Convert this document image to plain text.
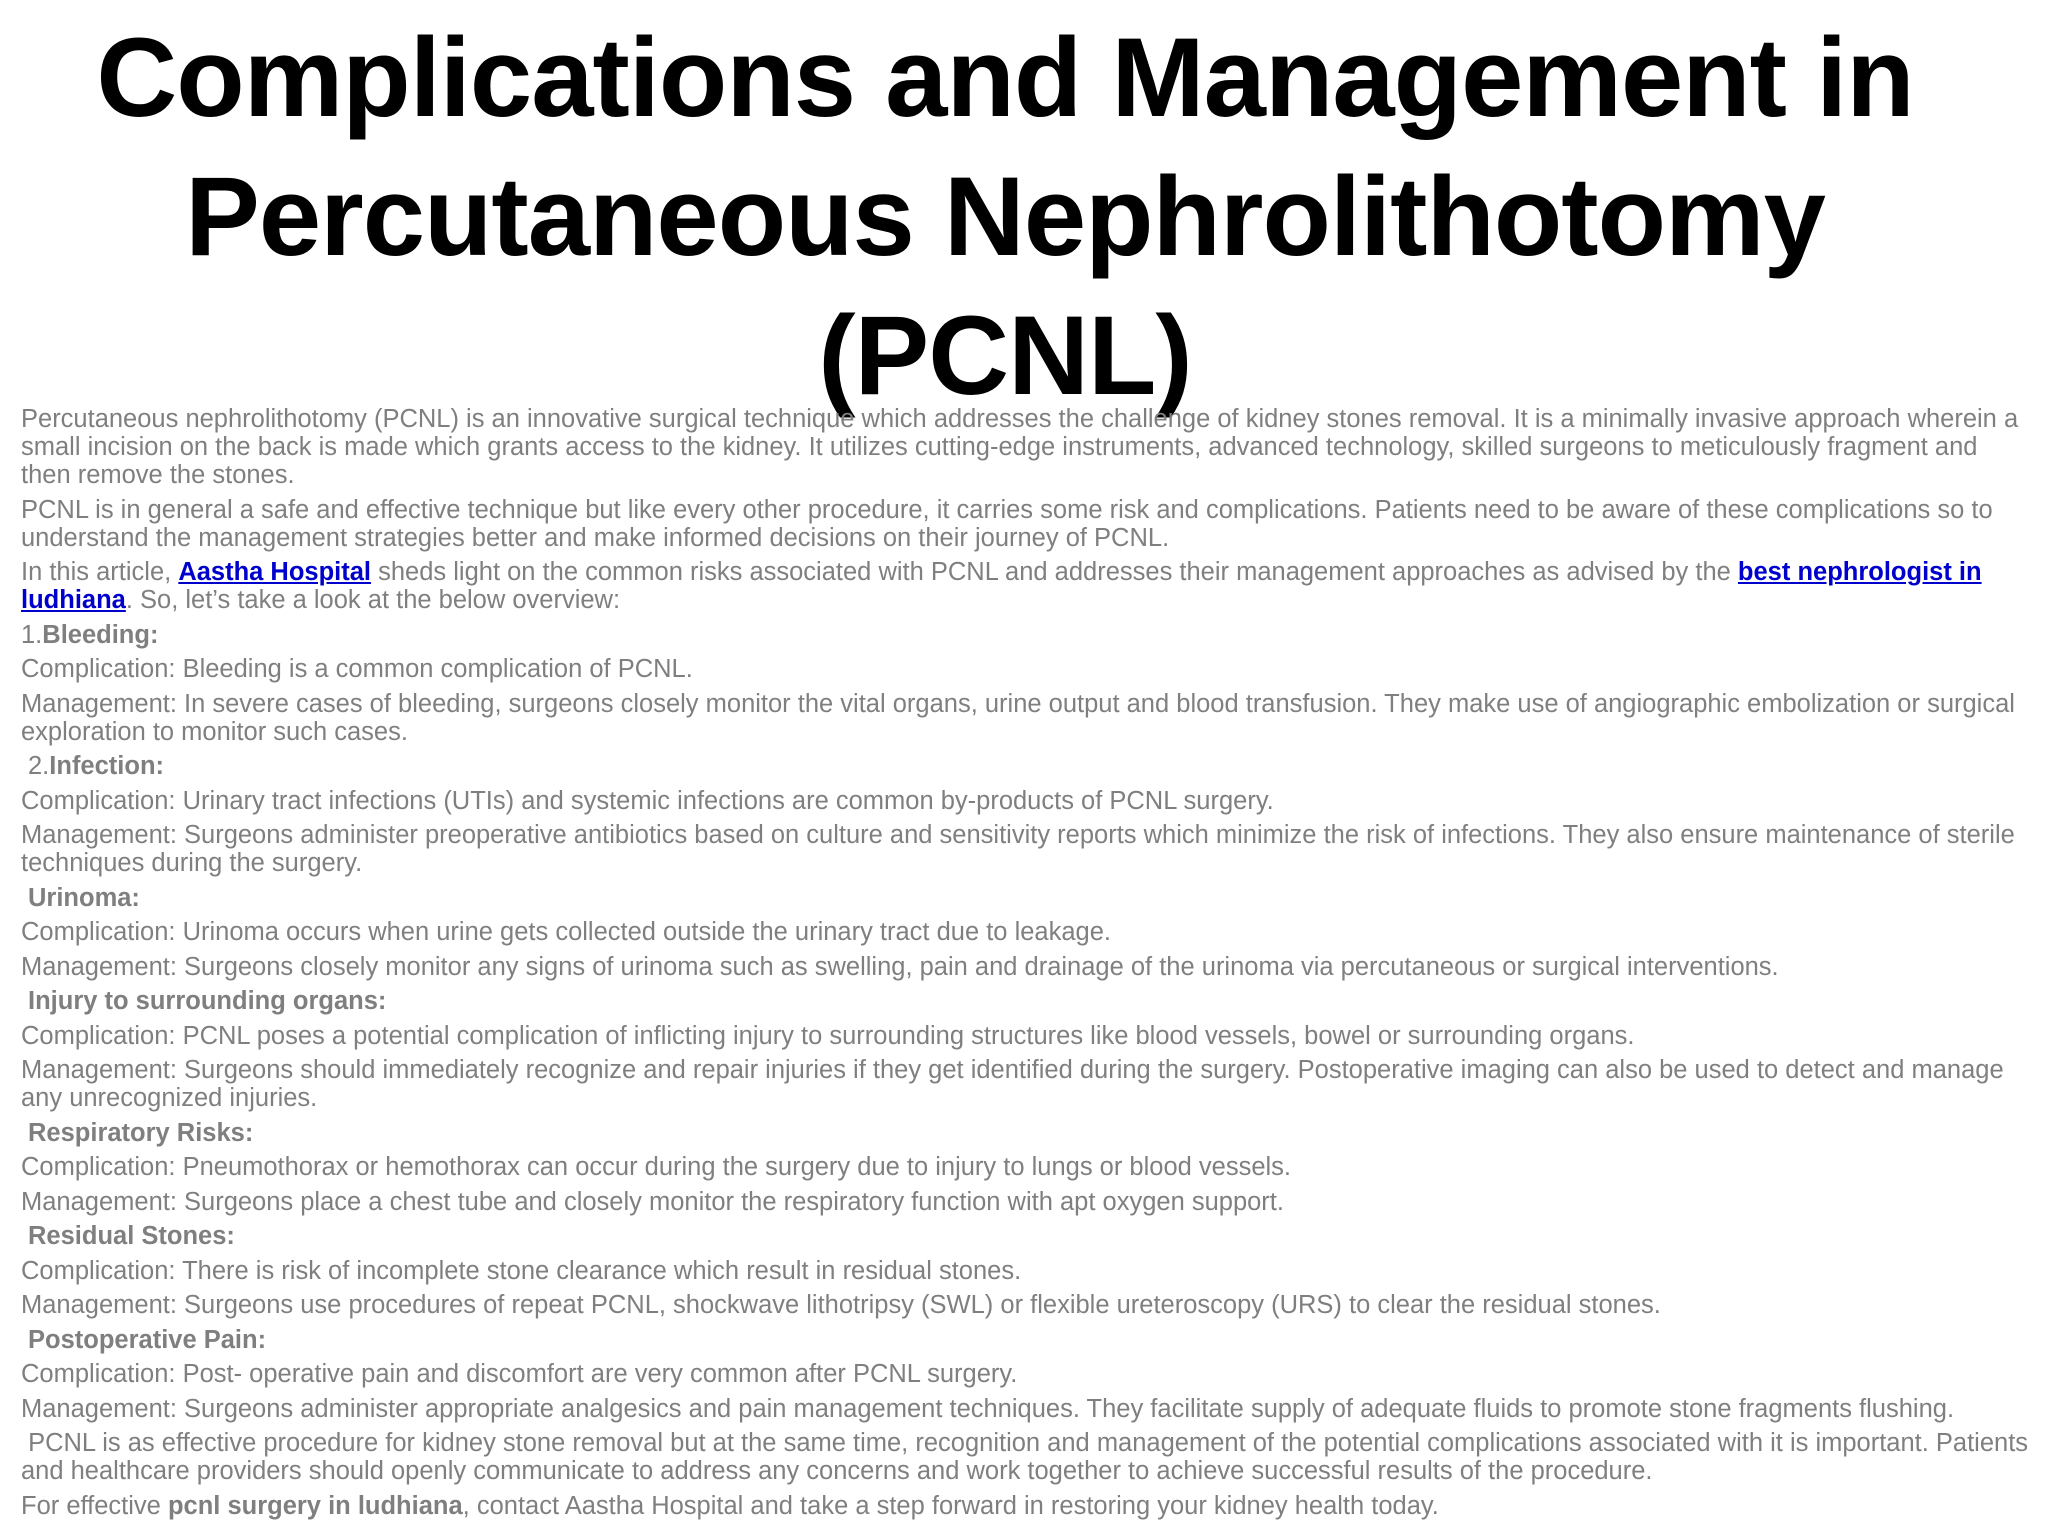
Complications and Management in
Percutaneous Nephrolithotomy
(PCNL)

Percutaneous nephrolithotomy (PCNL) is an innovative surgical technique which addresses the challenge of kidney stones removal. It is a minimally invasive approach wherein a small incision on the back is made which grants access to the kidney. It utilizes cutting-edge instruments, advanced technology, skilled surgeons to meticulously fragment and then remove the stones.

PCNL is in general a safe and effective technique but like every other procedure, it carries some risk and complications. Patients need to be aware of these complications so to understand the management strategies better and make informed decisions on their journey of PCNL.

In this article, Aastha Hospital sheds light on the common risks associated with PCNL and addresses their management approaches as advised by the best nephrologist in ludhiana. So, let’s take a look at the below overview:

1.Bleeding:

Complication: Bleeding is a common complication of PCNL.

Management: In severe cases of bleeding, surgeons closely monitor the vital organs, urine output and blood transfusion. They make use of angiographic embolization or surgical exploration to monitor such cases.

2.Infection:

Complication: Urinary tract infections (UTIs) and systemic infections are common by-products of PCNL surgery.

Management: Surgeons administer preoperative antibiotics based on culture and sensitivity reports which minimize the risk of infections. They also ensure maintenance of sterile techniques during the surgery.

Urinoma:

Complication: Urinoma occurs when urine gets collected outside the urinary tract due to leakage.

Management: Surgeons closely monitor any signs of urinoma such as swelling, pain and drainage of the urinoma via percutaneous or surgical interventions.

Injury to surrounding organs:

Complication: PCNL poses a potential complication of inflicting injury to surrounding structures like blood vessels, bowel or surrounding organs.

Management: Surgeons should immediately recognize and repair injuries if they get identified during the surgery. Postoperative imaging can also be used to detect and manage any unrecognized injuries.

Respiratory Risks:

Complication: Pneumothorax or hemothorax can occur during the surgery due to injury to lungs or blood vessels.

Management: Surgeons place a chest tube and closely monitor the respiratory function with apt oxygen support.

Residual Stones:

Complication: There is risk of incomplete stone clearance which result in residual stones.

Management: Surgeons use procedures of repeat PCNL, shockwave lithotripsy (SWL) or flexible ureteroscopy (URS) to clear the residual stones.

Postoperative Pain:

Complication: Post- operative pain and discomfort are very common after PCNL surgery.

Management: Surgeons administer appropriate analgesics and pain management techniques. They facilitate supply of adequate fluids to promote stone fragments flushing.

PCNL is as effective procedure for kidney stone removal but at the same time, recognition and management of the potential complications associated with it is important. Patients and healthcare providers should openly communicate to address any concerns and work together to achieve successful results of the procedure.

For effective pcnl surgery in ludhiana, contact Aastha Hospital and take a step forward in restoring your kidney health today.
